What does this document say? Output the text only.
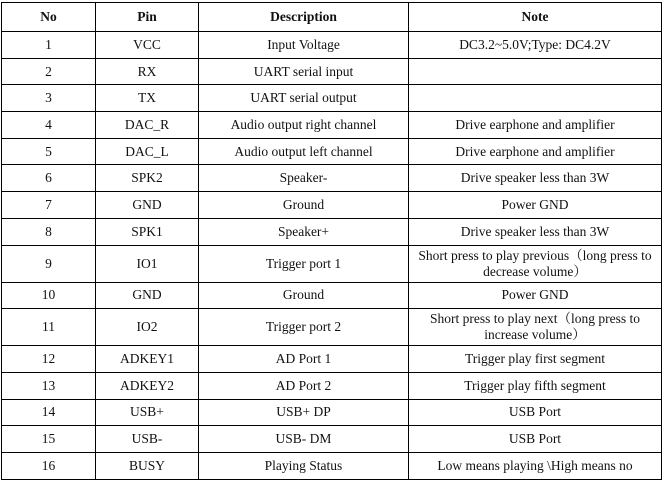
No	Pin	Description	Note
1	VCC	Input Voltage	DC3.2~5.0V;Type: DC4.2V
2	RX	UART serial input	
3	TX	UART serial output	
4	DAC_R	Audio output right channel	Drive earphone and amplifier
5	DAC_L	Audio output left channel	Drive earphone and amplifier
6	SPK2	Speaker-	Drive speaker less than 3W
7	GND	Ground	Power GND
8	SPK1	Speaker+	Drive speaker less than 3W
9	IO1	Trigger port 1	Short press to play previous（long press to decrease volume）
10	GND	Ground	Power GND
11	IO2	Trigger port 2	Short press to play next（long press to increase volume）
12	ADKEY1	AD Port 1	Trigger play first segment
13	ADKEY2	AD Port 2	Trigger play fifth segment
14	USB+	USB+ DP	USB Port
15	USB-	USB- DM	USB Port
16	BUSY	Playing Status	Low means playing \High means no
